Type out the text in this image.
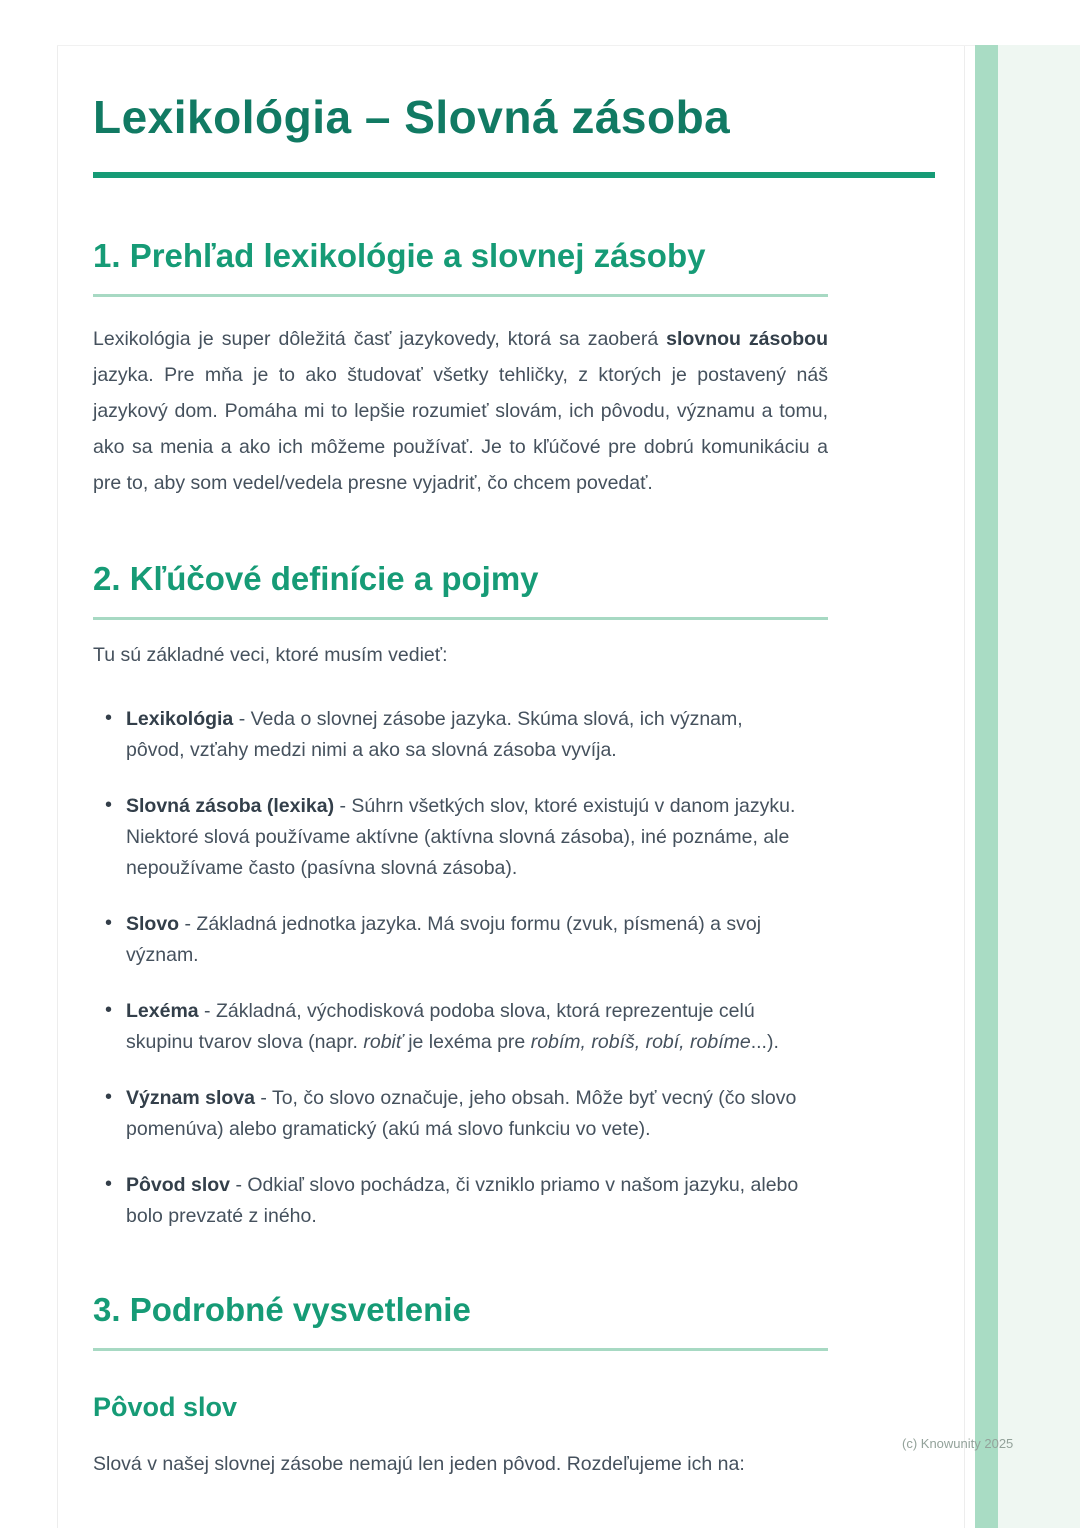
Lexikológia – Slovná zásoba
1. Prehľad lexikológie a slovnej zásoby

Lexikológia je super dôležitá časť jazykovedy, ktorá sa zaoberá slovnou zásobou jazyka. Pre mňa je to ako študovať všetky tehličky, z ktorých je postavený náš jazykový dom. Pomáha mi to lepšie rozumieť slovám, ich pôvodu, významu a tomu, ako sa menia a ako ich môžeme používať. Je to kľúčové pre dobrú komunikáciu a pre to, aby som vedel/vedela presne vyjadriť, čo chcem povedať.

2. Kľúčové definície a pojmy

Tu sú základné veci, ktoré musím vedieť:

• Lexikológia - Veda o slovnej zásobe jazyka. Skúma slová, ich význam, pôvod, vzťahy medzi nimi a ako sa slovná zásoba vyvíja.
• Slovná zásoba (lexika) - Súhrn všetkých slov, ktoré existujú v danom jazyku. Niektoré slová používame aktívne (aktívna slovná zásoba), iné poznáme, ale nepoužívame často (pasívna slovná zásoba).
• Slovo - Základná jednotka jazyka. Má svoju formu (zvuk, písmená) a svoj význam.
• Lexéma - Základná, východisková podoba slova, ktorá reprezentuje celú skupinu tvarov slova (napr. robiť je lexéma pre robím, robíš, robí, robíme...).
• Význam slova - To, čo slovo označuje, jeho obsah. Môže byť vecný (čo slovo pomenúva) alebo gramatický (akú má slovo funkciu vo vete).
• Pôvod slov - Odkiaľ slovo pochádza, či vzniklo priamo v našom jazyku, alebo bolo prevzaté z iného.
3. Podrobné vysvetlenie
Pôvod slov

Slová v našej slovnej zásobe nemajú len jeden pôvod. Rozdeľujeme ich na:

(c) Knowunity 2025
